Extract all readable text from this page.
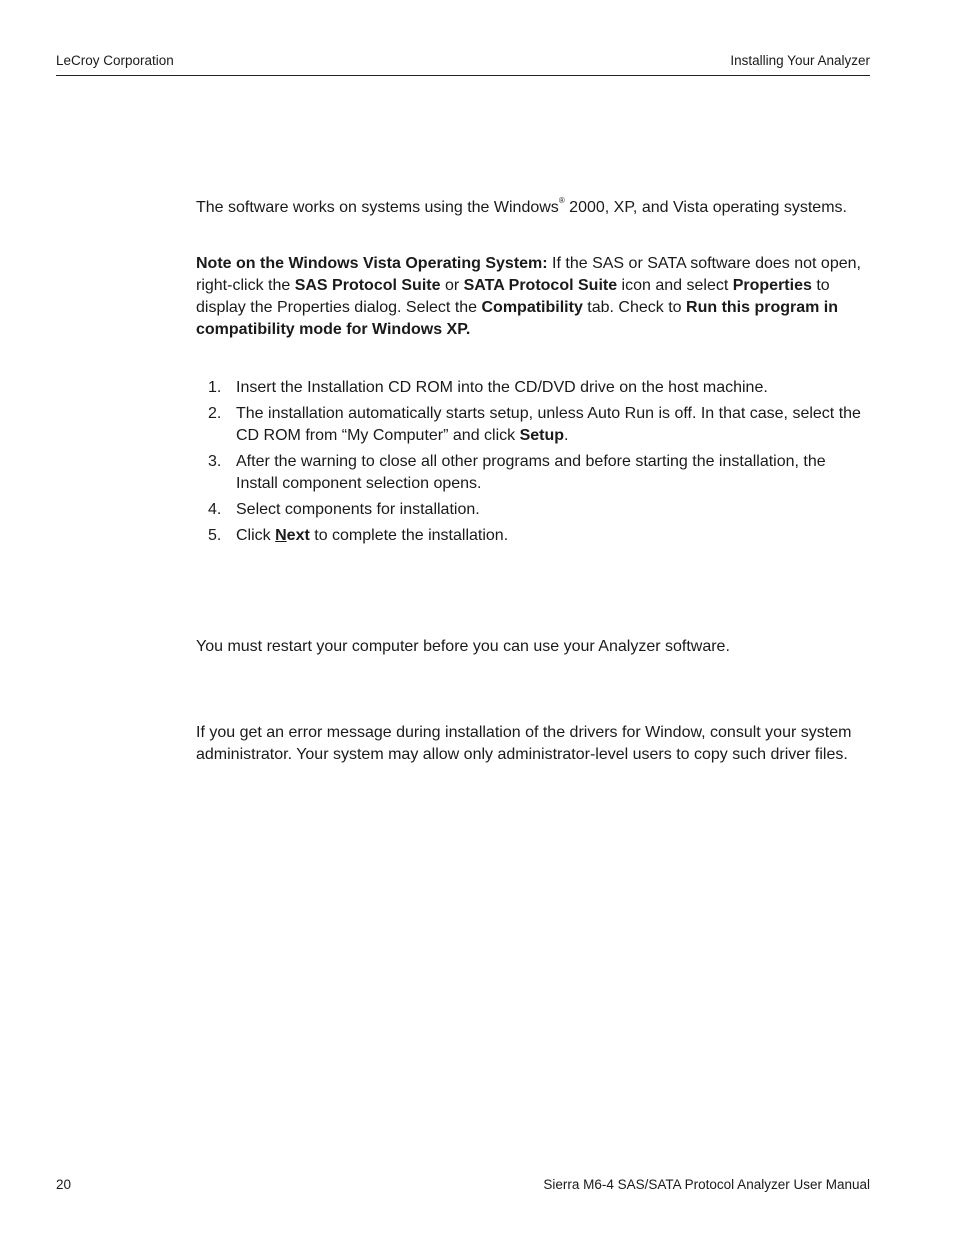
LeCroy Corporation	Installing Your Analyzer

The software works on systems using the Windows® 2000, XP, and Vista operating systems.

Note on the Windows Vista Operating System: If the SAS or SATA software does not open, right-click the SAS Protocol Suite or SATA Protocol Suite icon and select Properties to display the Properties dialog. Select the Compatibility tab. Check to Run this program in compatibility mode for Windows XP.

1. Insert the Installation CD ROM into the CD/DVD drive on the host machine.
2. The installation automatically starts setup, unless Auto Run is off. In that case, select the CD ROM from “My Computer” and click Setup.
3. After the warning to close all other programs and before starting the installation, the Install component selection opens.
4. Select components for installation.
5. Click Next to complete the installation.

You must restart your computer before you can use your Analyzer software.

If you get an error message during installation of the drivers for Window, consult your system administrator. Your system may allow only administrator-level users to copy such driver files.

20	Sierra M6-4 SAS/SATA Protocol Analyzer User Manual
